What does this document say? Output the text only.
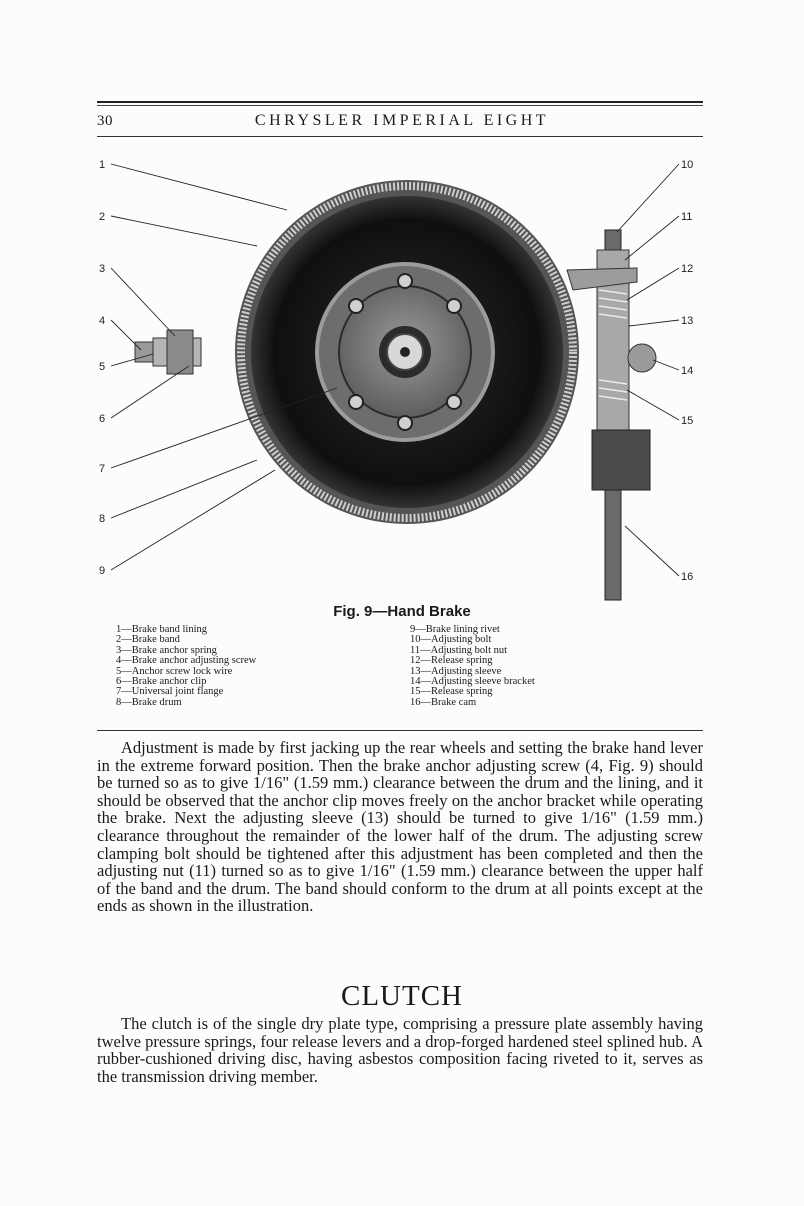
30	CHRYSLER IMPERIAL EIGHT
1
2
3
4
5
6
7
8
9
10
11
12
13
14
15
16
Fig. 9—Hand Brake
1—Brake band lining
2—Brake band
3—Brake anchor spring
4—Brake anchor adjusting screw
5—Anchor screw lock wire
6—Brake anchor clip
7—Universal joint flange
8—Brake drum
9—Brake lining rivet
10—Adjusting bolt
11—Adjusting bolt nut
12—Release spring
13—Adjusting sleeve
14—Adjusting sleeve bracket
15—Release spring
16—Brake cam

Adjustment is made by first jacking up the rear wheels and setting the brake hand lever in the extreme forward position. Then the brake anchor adjusting screw (4, Fig. 9) should be turned so as to give 1/16" (1.59 mm.) clearance between the drum and the lining, and it should be observed that the anchor clip moves freely on the anchor bracket while operating the brake. Next the adjusting sleeve (13) should be turned to give 1/16" (1.59 mm.) clearance throughout the remainder of the lower half of the drum. The adjusting screw clamping bolt should be tightened after this adjustment has been completed and then the adjusting nut (11) turned so as to give 1/16" (1.59 mm.) clearance between the upper half of the band and the drum. The band should conform to the drum at all points except at the ends as shown in the illustration.

CLUTCH

The clutch is of the single dry plate type, comprising a pressure plate assembly having twelve pressure springs, four release levers and a drop-forged hardened steel splined hub. A rubber-cushioned driving disc, having asbestos composition facing riveted to it, serves as the transmission driving member.
